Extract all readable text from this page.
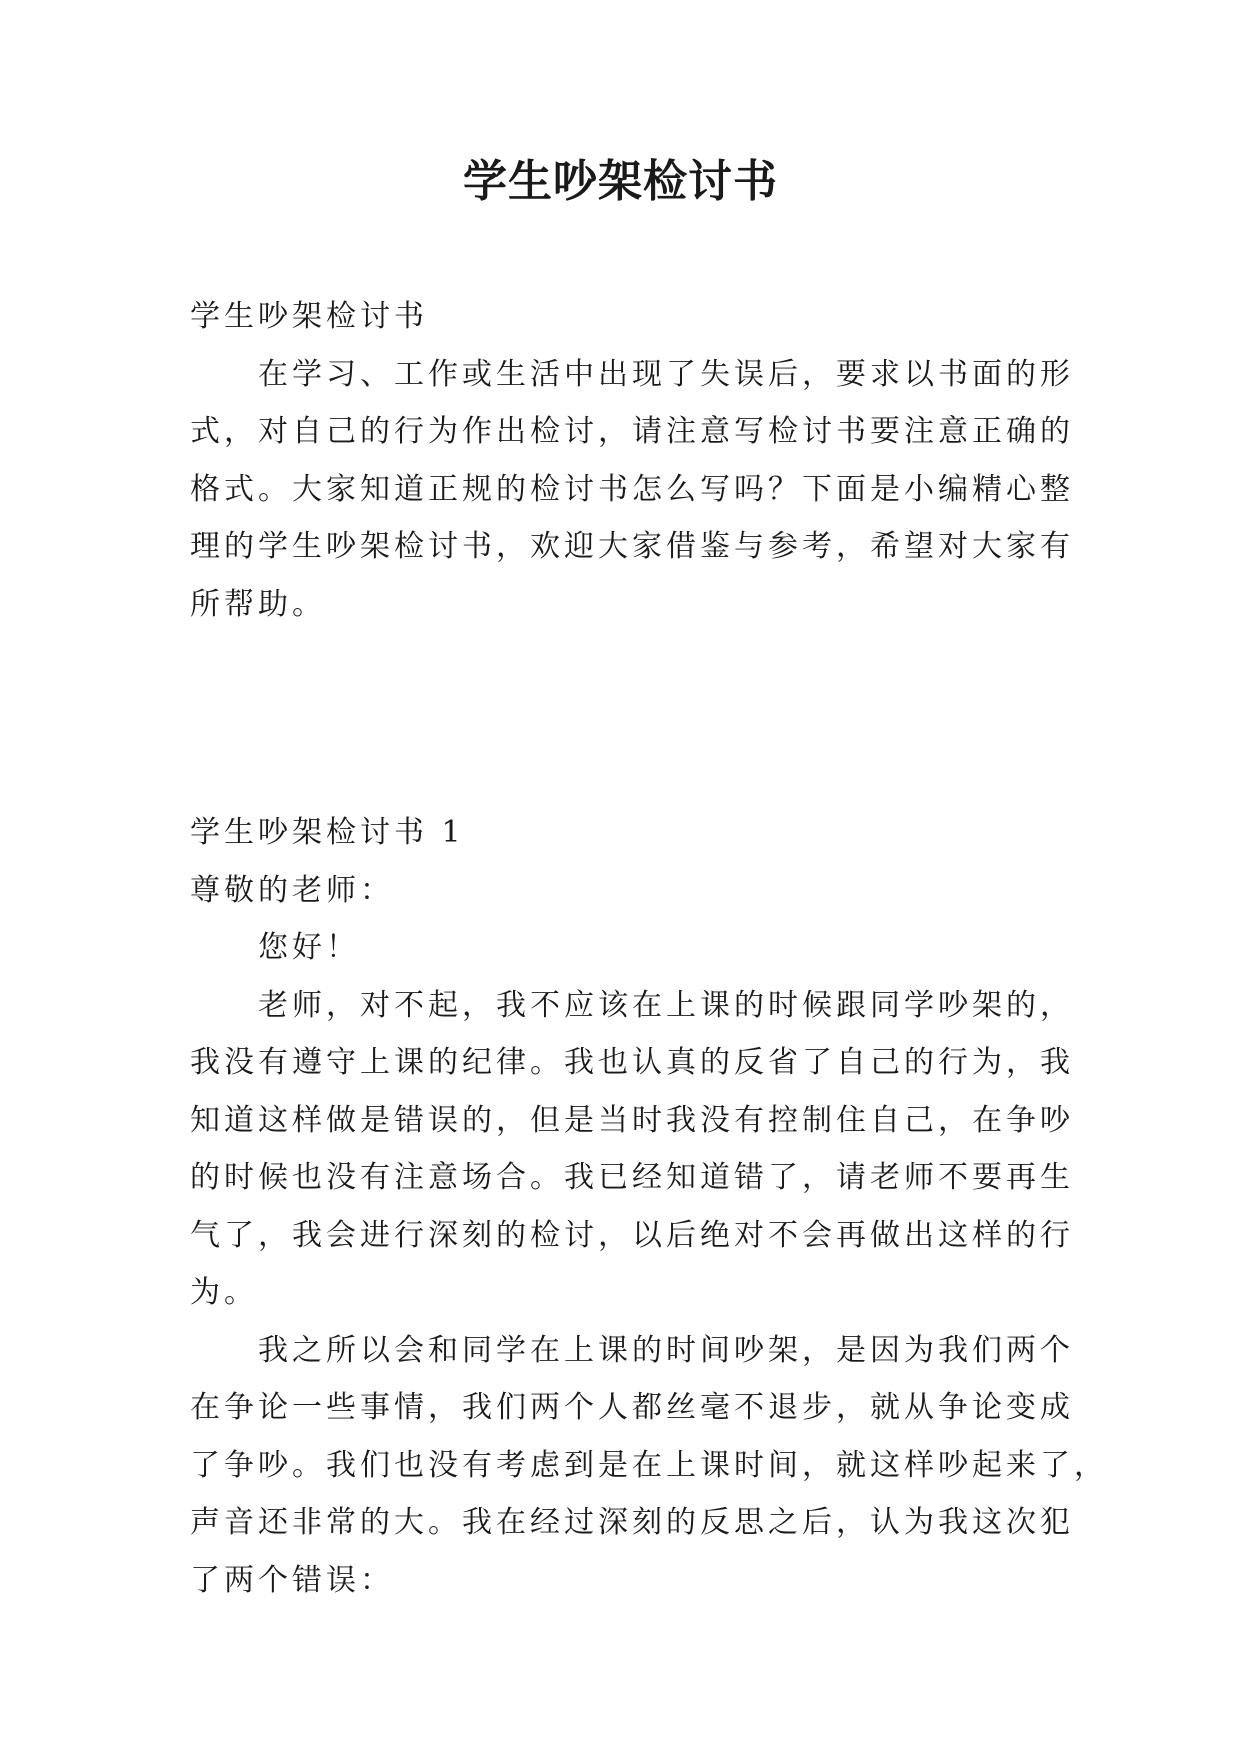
学生吵架检讨书
学生吵架检讨书
在学习、工作或生活中出现了失误后，要求以书面的形
式，对自己的行为作出检讨，请注意写检讨书要注意正确的
格式。大家知道正规的检讨书怎么写吗？下面是小编精心整
理的学生吵架检讨书，欢迎大家借鉴与参考，希望对大家有
所帮助。
学生吵架检讨书 1
尊敬的老师：
您好！
老师，对不起，我不应该在上课的时候跟同学吵架的，
我没有遵守上课的纪律。我也认真的反省了自己的行为，我
知道这样做是错误的，但是当时我没有控制住自己，在争吵
的时候也没有注意场合。我已经知道错了，请老师不要再生
气了，我会进行深刻的检讨，以后绝对不会再做出这样的行
为。
我之所以会和同学在上课的时间吵架，是因为我们两个
在争论一些事情，我们两个人都丝毫不退步，就从争论变成
了争吵。我们也没有考虑到是在上课时间，就这样吵起来了，
声音还非常的大。我在经过深刻的反思之后，认为我这次犯
了两个错误：
